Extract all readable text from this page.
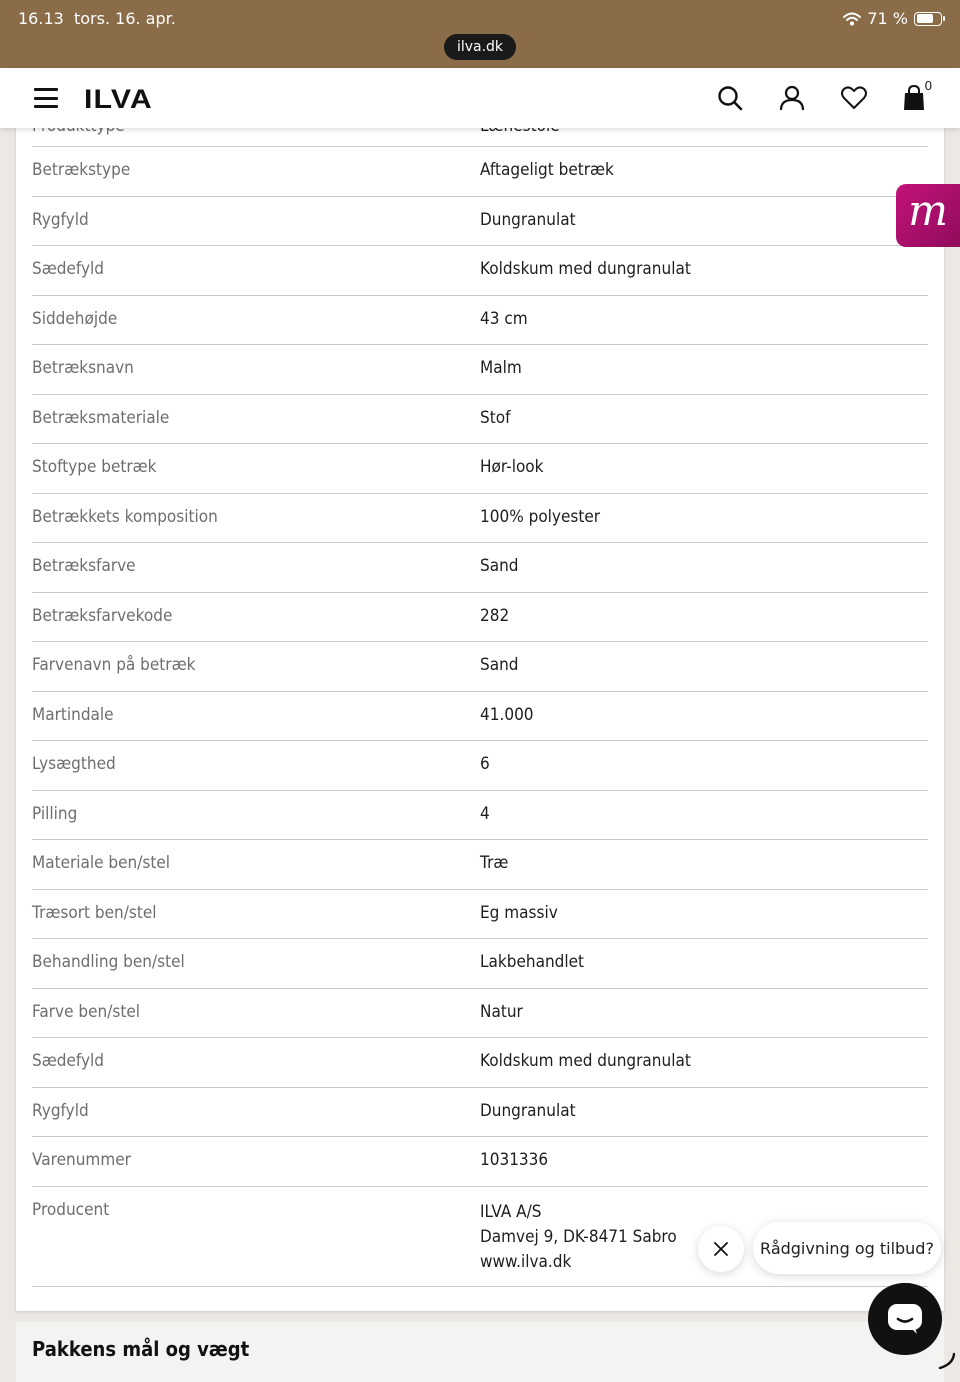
16.13 tors. 16. apr.	71 %
ilva.dk
ILVA	0
Betrækstype	Aftageligt betræk
Rygfyld	Dungranulat
Sædefyld	Koldskum med dungranulat
Siddehøjde	43 cm
Betræksnavn	Malm
Betræksmateriale	Stof
Stoftype betræk	Hør-look
Betrækkets komposition	100% polyester
Betræksfarve	Sand
Betræksfarvekode	282
Farvenavn på betræk	Sand
Martindale	41.000
Lysægthed	6
Pilling	4
Materiale ben/stel	Træ
Træsort ben/stel	Eg massiv
Behandling ben/stel	Lakbehandlet
Farve ben/stel	Natur
Sædefyld	Koldskum med dungranulat
Rygfyld	Dungranulat
Varenummer	1031336
Producent	ILVA A/S
Damvej 9, DK-8471 Sabro
www.ilva.dk
Pakkens mål og vægt
m
Rådgivning og tilbud?
